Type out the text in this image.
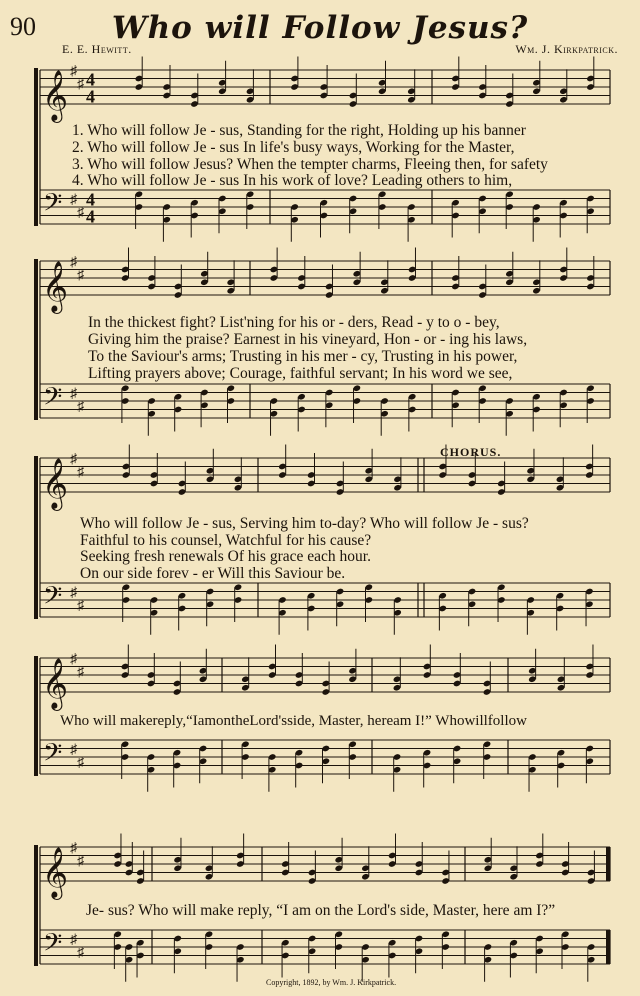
90	Who will Follow Jesus?
E. E. Hewitt.	Wm. J. Kirkpatrick.
𝄞
𝄢
♯
♯
♯
♯
4
4
4
4
𝄞
𝄢
♯
♯
♯
♯
𝄞
𝄢
♯
♯
♯
♯
𝄞
𝄢
♯
♯
♯
♯
𝄞
𝄢
♯
♯
♯
♯
1. Who will follow Je - sus, Standing for the right, Holding up his banner
2. Who will follow Je - sus In life's busy ways, Working for the Master,
3. Who will follow Jesus? When the tempter charms, Fleeing then, for safety
4. Who will follow Je - sus In his work of love? Leading others to him,
In the thickest fight? List'ning for his or - ders, Read - y to o - bey,
Giving him the praise? Earnest in his vineyard, Hon - or - ing his laws,
To the Saviour's arms; Trusting in his mer - cy, Trusting in his power,
Lifting prayers above; Courage, faithful servant; In his word we see,
CHORUS.
Who will follow Je - sus, Serving him to-day? Who will follow Je - sus?
Faithful to his counsel, Watchful for his cause?
Seeking fresh renewals Of his grace each hour.
On our side forev - er Will this Saviour be.
Who will makereply,“IamontheLord'sside, Master, heream I!” Whowillfollow
Je- sus? Who will make reply, “I am on the Lord's side, Master, here am I?”
Copyright, 1892, by Wm. J. Kirkpatrick.
